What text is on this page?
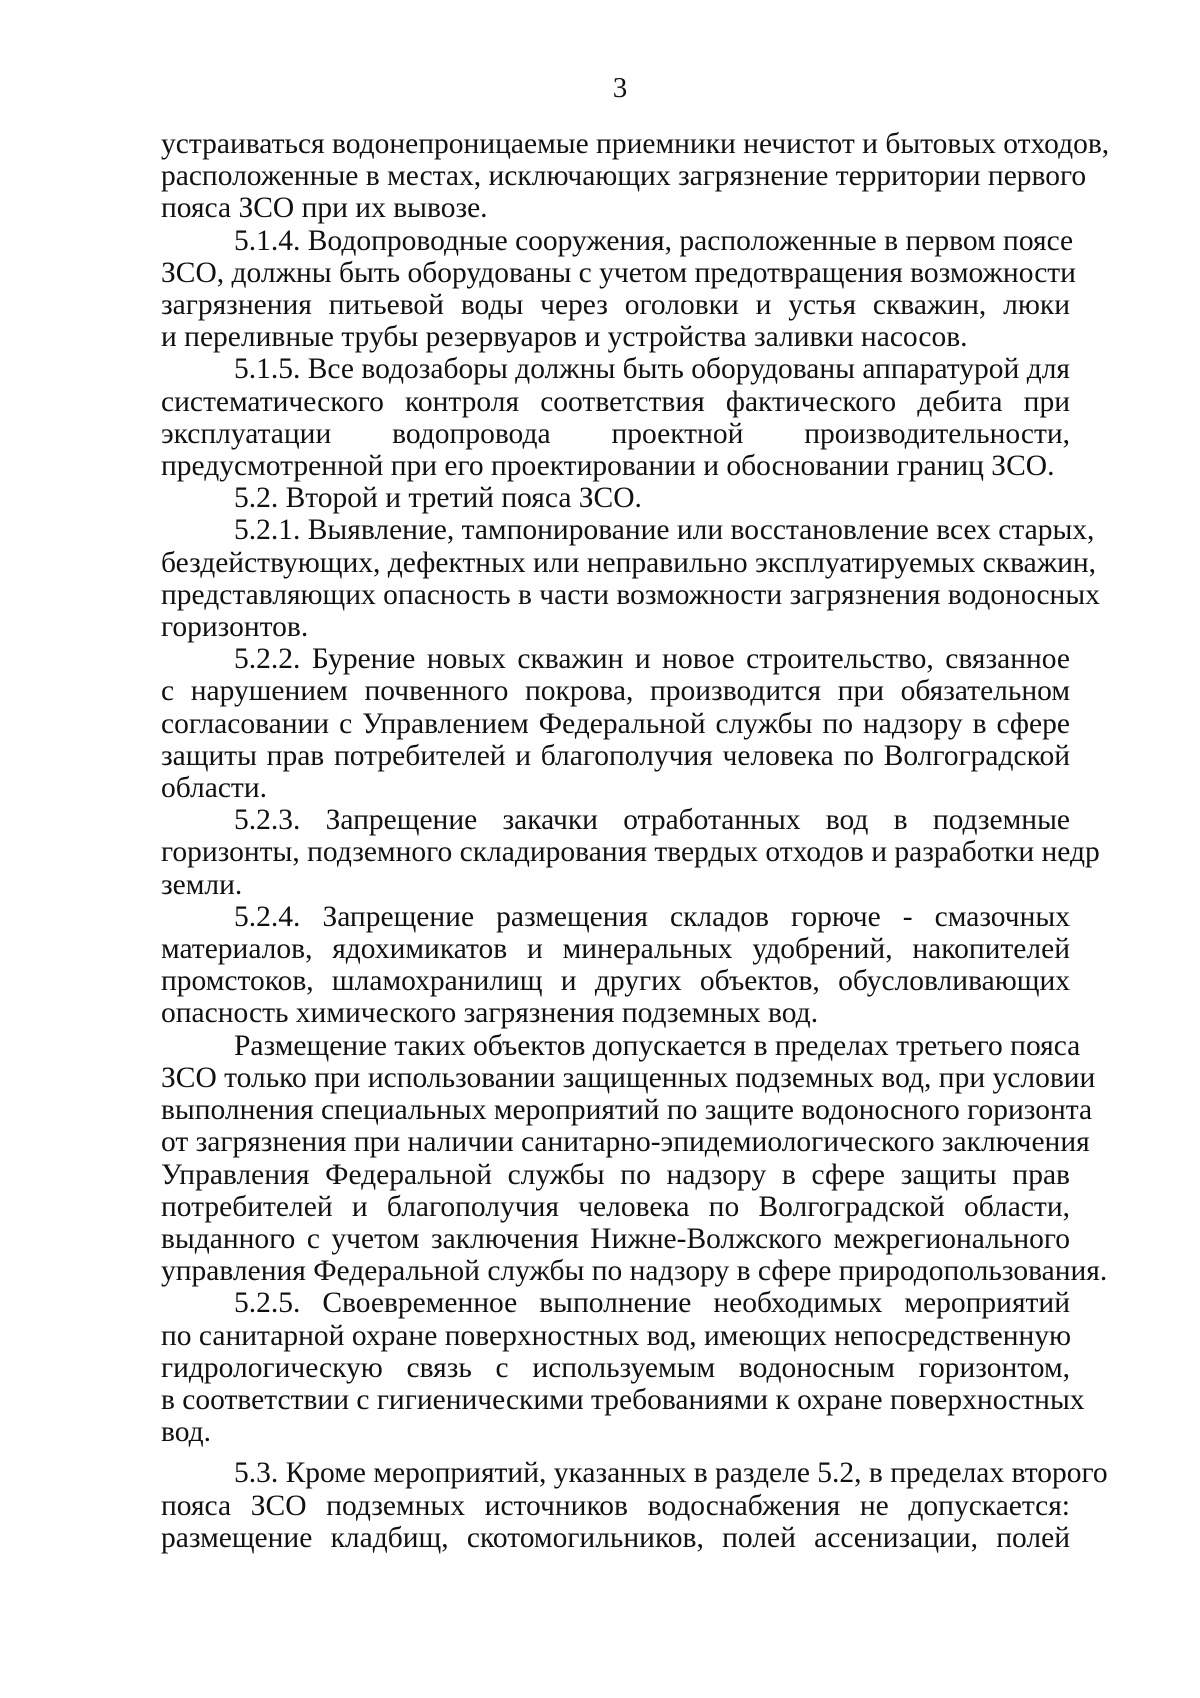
3
устраиваться водонепроницаемые приемники нечистот и бытовых отходов,
расположенные в местах, исключающих загрязнение территории первого
пояса ЗСО при их вывозе.
5.1.4. Водопроводные сооружения, расположенные в первом поясе
ЗСО, должны быть оборудованы с учетом предотвращения возможности
загрязнения питьевой воды через оголовки и устья скважин, люки
и переливные трубы резервуаров и устройства заливки насосов.
5.1.5. Все водозаборы должны быть оборудованы аппаратурой для
систематического контроля соответствия фактического дебита при
эксплуатации водопровода проектной производительности,
предусмотренной при его проектировании и обосновании границ ЗСО.
5.2. Второй и третий пояса ЗСО.
5.2.1. Выявление, тампонирование или восстановление всех старых,
бездействующих, дефектных или неправильно эксплуатируемых скважин,
представляющих опасность в части возможности загрязнения водоносных
горизонтов.
5.2.2. Бурение новых скважин и новое строительство, связанное
с нарушением почвенного покрова, производится при обязательном
согласовании с Управлением Федеральной службы по надзору в сфере
защиты прав потребителей и благополучия человека по Волгоградской
области.
5.2.3. Запрещение закачки отработанных вод в подземные
горизонты, подземного складирования твердых отходов и разработки недр
земли.
5.2.4. Запрещение размещения складов горюче - смазочных
материалов, ядохимикатов и минеральных удобрений, накопителей
промстоков, шламохранилищ и других объектов, обусловливающих
опасность химического загрязнения подземных вод.
Размещение таких объектов допускается в пределах третьего пояса
ЗСО только при использовании защищенных подземных вод, при условии
выполнения специальных мероприятий по защите водоносного горизонта
от загрязнения при наличии санитарно-эпидемиологического заключения
Управления Федеральной службы по надзору в сфере защиты прав
потребителей и благополучия человека по Волгоградской области,
выданного с учетом заключения Нижне-Волжского межрегионального
управления Федеральной службы по надзору в сфере природопользования.
5.2.5. Своевременное выполнение необходимых мероприятий
по санитарной охране поверхностных вод, имеющих непосредственную
гидрологическую связь с используемым водоносным горизонтом,
в соответствии с гигиеническими требованиями к охране поверхностных
вод.
5.3. Кроме мероприятий, указанных в разделе 5.2, в пределах второго
пояса ЗСО подземных источников водоснабжения не допускается:
размещение кладбищ, скотомогильников, полей ассенизации, полей
